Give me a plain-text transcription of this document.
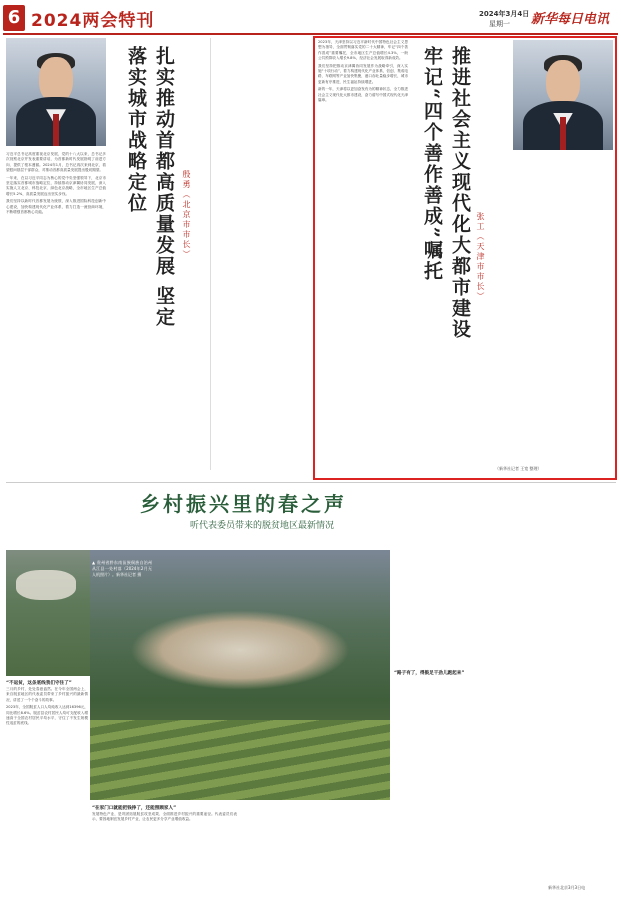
6 2024两会特刊	2024年3月4日
星期一 新华每日电讯
扎实推动首都高质量发展 坚定落实城市战略定位
殷勇（北京市市长）

习近平总书记高度重视北京发展，党的十八大以来，总书记多次视察北京并发表重要讲话，为首都新时代发展指明了前进方向、提供了根本遵循。2024年1月，总书记再次来到北京，看望慰问基层干部群众，对推动首都高质量发展提出殷切期望。

一年来，在以习近平同志为核心的党中央坚强领导下，北京市坚定落实首都城市战略定位，持续推动京津冀协同发展，深入实施人文北京、科技北京、绿色北京战略，全市地区生产总值增长5.2%，高质量发展迈出坚实步伐。

我们坚持以新时代首都发展为统领，深入推进国际科技创新中心建设，加快构建现代化产业体系，着力打造一流营商环境，不断增强首都核心功能。

2023年，天津坚持以习近平新时代中国特色社会主义思想为指导，全面贯彻落实党的二十大精神，牢记“四个善作善成”重要嘱托，全市地区生产总值增长4.3%，一般公共预算收入增长9.8%，经济社会发展取得新成效。

我们坚持把推动京津冀协同发展作为战略牵引，深入实施“十项行动”，着力构建现代化产业体系，信创、集成电路、车联网等产业加快集聚，港口吞吐量稳步增长，城市更新有序推进，民生福祉持续增进。

新的一年，天津将以更加奋发有为的精神状态，全力推进社会主义现代化大都市建设，奋力谱写中国式现代化天津篇章。	推进社会主义现代化大都市建设 牢记“四个善作善成”嘱托	张工（天津市市长）
（新华社记者 王宽 整理）
乡村振兴里的春之声
听代表委员带来的脱贫地区最新情况
▲ 贵州省黔东南苗族侗族自治州从江县一处村落（2024年2月无人机照片）。新华社记者 摄
“不返贫，这条底线我们守住了”

三月的乡村，处处春意盎然。在今年全国两会上，来自脱贫地区的代表委员带来了乡村振兴的最新情况，讲述了一个个奋斗的故事。

2023年，全国脱贫人口人均纯收入达到16396元，同比增长8.6%。脱贫县农村居民人均可支配收入增速高于全国农村居民平均水平，守住了不发生规模性返贫的底线。

“在家门口就能把钱挣了，还能照顾家人”

发展特色产业，是巩固拓展脱贫攻坚成果、全面推进乡村振兴的重要途径。代表委员们表示，要因地制宜发展乡村产业，让农民更多分享产业增值收益。

“路子有了，得鼓足干劲儿跑起来”
新华社北京3月3日电
